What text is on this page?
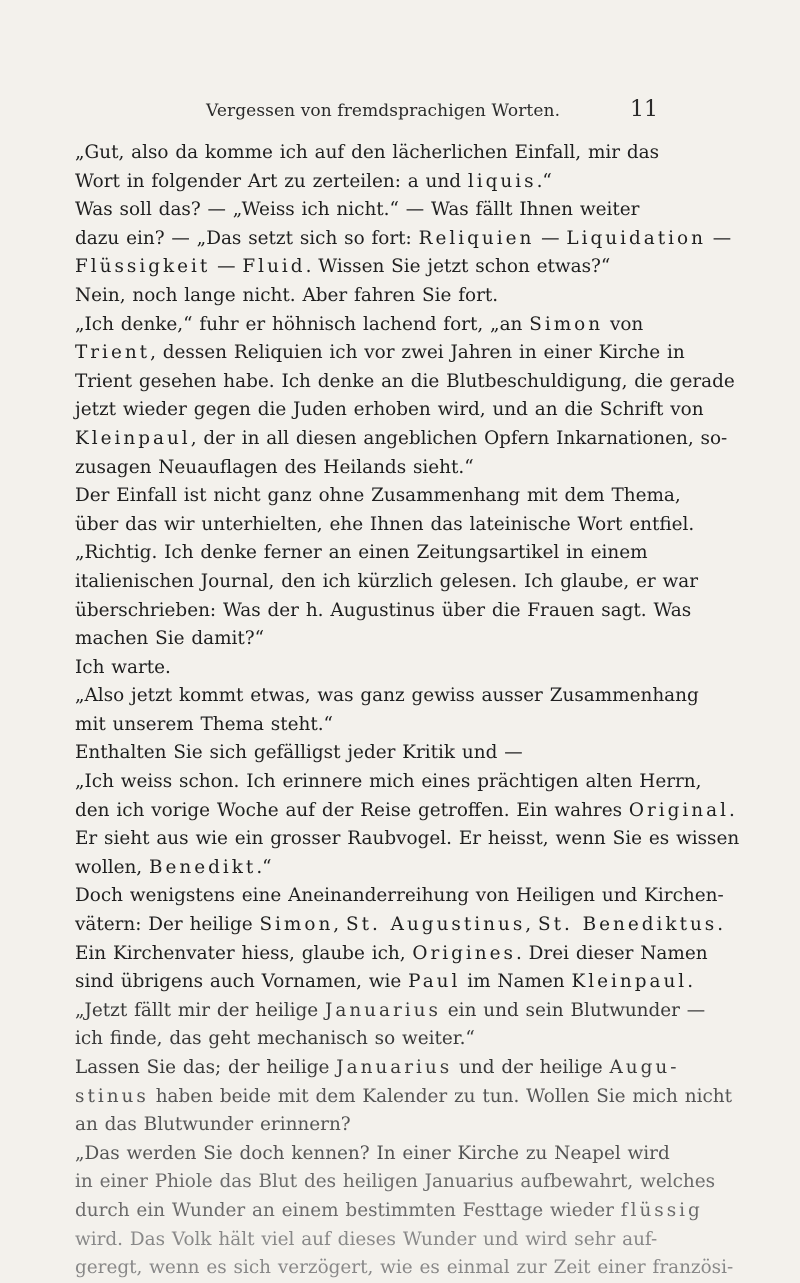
Vergessen von fremdsprachigen Worten.	11
„Gut, also da komme ich auf den lächerlichen Einfall, mir das
Wort in folgender Art zu zerteilen: a und liquis.“
Was soll das? — „Weiss ich nicht.“ — Was fällt Ihnen weiter
dazu ein? — „Das setzt sich so fort: Reliquien — Liquidation —
Flüssigkeit — Fluid. Wissen Sie jetzt schon etwas?“
Nein, noch lange nicht. Aber fahren Sie fort.
„Ich denke,“ fuhr er höhnisch lachend fort, „an Simon von
Trient, dessen Reliquien ich vor zwei Jahren in einer Kirche in
Trient gesehen habe. Ich denke an die Blutbeschuldigung, die gerade
jetzt wieder gegen die Juden erhoben wird, und an die Schrift von
Kleinpaul, der in all diesen angeblichen Opfern Inkarnationen, so-
zusagen Neuauflagen des Heilands sieht.“
Der Einfall ist nicht ganz ohne Zusammenhang mit dem Thema,
über das wir unterhielten, ehe Ihnen das lateinische Wort entfiel.
„Richtig. Ich denke ferner an einen Zeitungsartikel in einem
italienischen Journal, den ich kürzlich gelesen. Ich glaube, er war
überschrieben: Was der h. Augustinus über die Frauen sagt. Was
machen Sie damit?“
Ich warte.
„Also jetzt kommt etwas, was ganz gewiss ausser Zusammenhang
mit unserem Thema steht.“
Enthalten Sie sich gefälligst jeder Kritik und —
„Ich weiss schon. Ich erinnere mich eines prächtigen alten Herrn,
den ich vorige Woche auf der Reise getroffen. Ein wahres Original.
Er sieht aus wie ein grosser Raubvogel. Er heisst, wenn Sie es wissen
wollen, Benedikt.“
Doch wenigstens eine Aneinanderreihung von Heiligen und Kirchen-
vätern: Der heilige Simon, St. Augustinus, St. Benediktus.
Ein Kirchenvater hiess, glaube ich, Origines. Drei dieser Namen
sind übrigens auch Vornamen, wie Paul im Namen Kleinpaul.
„Jetzt fällt mir der heilige Januarius ein und sein Blutwunder —
ich finde, das geht mechanisch so weiter.“
Lassen Sie das; der heilige Januarius und der heilige Augu-
stinus haben beide mit dem Kalender zu tun. Wollen Sie mich nicht
an das Blutwunder erinnern?
„Das werden Sie doch kennen? In einer Kirche zu Neapel wird
in einer Phiole das Blut des heiligen Januarius aufbewahrt, welches
durch ein Wunder an einem bestimmten Festtage wieder flüssig
wird. Das Volk hält viel auf dieses Wunder und wird sehr auf-
geregt, wenn es sich verzögert, wie es einmal zur Zeit einer französi-
